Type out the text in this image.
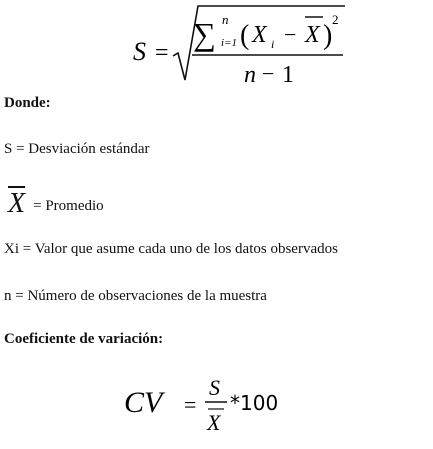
S =
∑ n
i=1 ( X i − X )
2
n − 1
Donde:
S = Desviación estándar
$\overline{X}$ = Promedio
Xi = Valor que asume cada uno de los datos observados
n = Número de observaciones de la muestra
Coeficiente de variación:
CV =
S
X
*100
